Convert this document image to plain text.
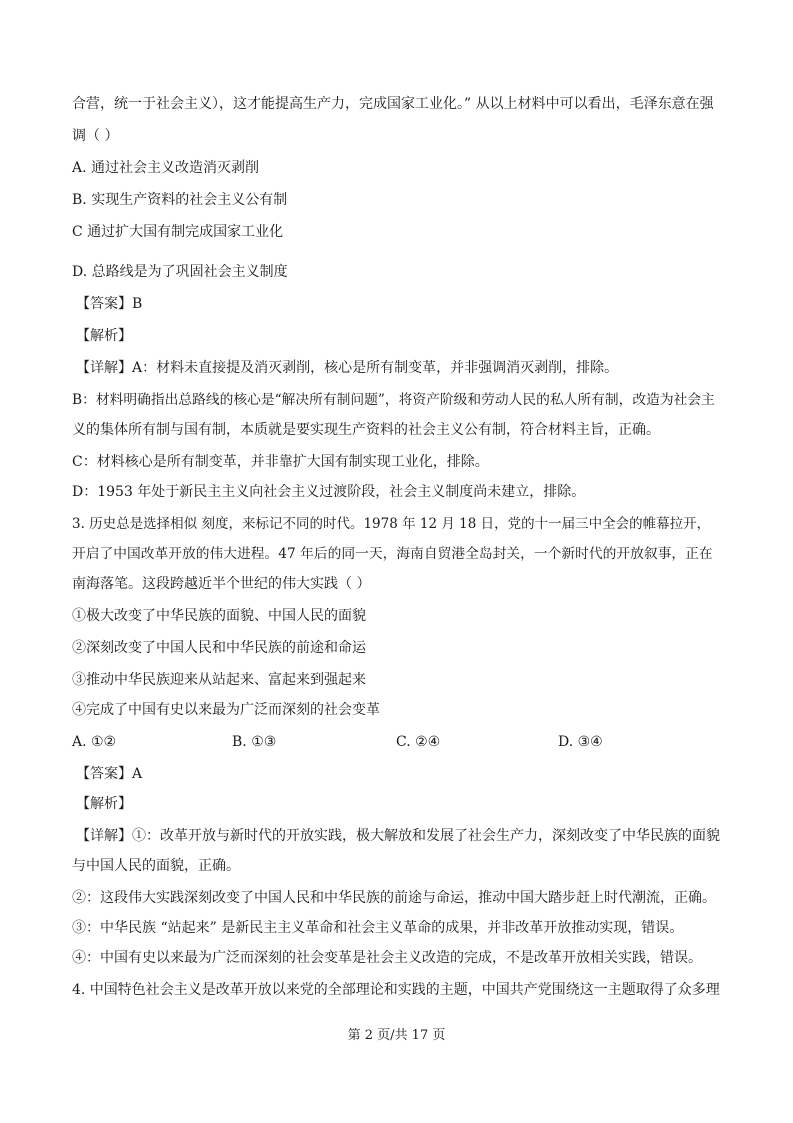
合营，统一于社会主义），这才能提高生产力，完成国家工业化。” 从以上材料中可以看出，毛泽东意在强
调（ ）
A. 通过社会主义改造消灭剥削
B. 实现生产资料的社会主义公有制
C 通过扩大国有制完成国家工业化
D. 总路线是为了巩固社会主义制度
【答案】B
【解析】
【详解】A：材料未直接提及消灭剥削，核心是所有制变革，并非强调消灭剥削，排除。
B：材料明确指出总路线的核心是“解决所有制问题”，将资产阶级和劳动人民的私人所有制，改造为社会主
义的集体所有制与国有制，本质就是要实现生产资料的社会主义公有制，符合材料主旨，正确。
C：材料核心是所有制变革，并非靠扩大国有制实现工业化，排除。
D：1953 年处于新民主主义向社会主义过渡阶段，社会主义制度尚未建立，排除。
3. 历史总是选择相似 刻度，来标记不同的时代。1978 年 12 月 18 日，党的十一届三中全会的帷幕拉开，
开启了中国改革开放的伟大进程。47 年后的同一天，海南自贸港全岛封关，一个新时代的开放叙事，正在
南海落笔。这段跨越近半个世纪的伟大实践（ ）
①极大改变了中华民族的面貌、中国人民的面貌
②深刻改变了中国人民和中华民族的前途和命运
③推动中华民族迎来从站起来、富起来到强起来
④完成了中国有史以来最为广泛而深刻的社会变革
A. ①②	B. ①③	C. ②④	D. ③④
【答案】A
【解析】
【详解】①：改革开放与新时代的开放实践，极大解放和发展了社会生产力，深刻改变了中华民族的面貌
与中国人民的面貌，正确。
②：这段伟大实践深刻改变了中国人民和中华民族的前途与命运，推动中国大踏步赶上时代潮流，正确。
③：中华民族 “站起来” 是新民主主义革命和社会主义革命的成果，并非改革开放推动实现，错误。
④：中国有史以来最为广泛而深刻的社会变革是社会主义改造的完成，不是改革开放相关实践，错误。
4. 中国特色社会主义是改革开放以来党的全部理论和实践的主题，中国共产党围绕这一主题取得了众多理
第 2 页/共 17 页
